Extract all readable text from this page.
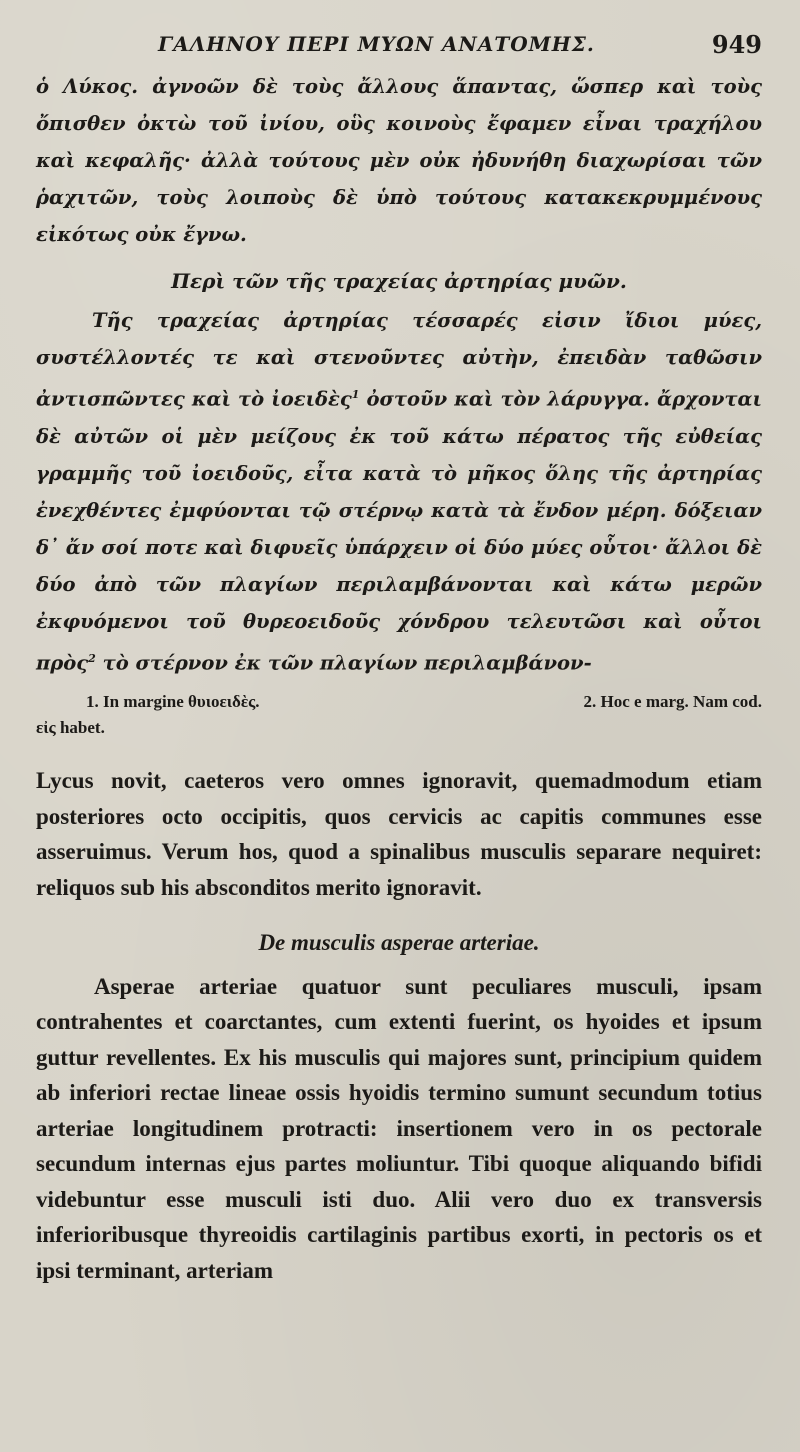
ΓΑΛΗΝΟΥ ΠΕΡΙ ΜΥΩΝ ΑΝΑΤΟΜΗΣ.	949

ὁ Λύκος. ἀγνοῶν δὲ τοὺς ἄλλους ἅπαντας, ὥσπερ καὶ τοὺς ὄπισθεν ὀκτὼ τοῦ ἰνίου, οὓς κοινοὺς ἔφαμεν εἶναι τραχήλου καὶ κεφαλῆς· ἀλλὰ τούτους μὲν οὐκ ἠδυνήθη διαχωρίσαι τῶν ῥαχιτῶν, τοὺς λοιποὺς δὲ ὑπὸ τούτους κατακεκρυμμένους εἰκότως οὐκ ἔγνω.

Περὶ τῶν τῆς τραχείας ἀρτηρίας μυῶν.

Τῆς τραχείας ἀρτηρίας τέσσαρές εἰσιν ἴδιοι μύες, συστέλλοντές τε καὶ στενοῦντες αὐτὴν, ἐπειδὰν ταθῶσιν ἀντισπῶντες καὶ τὸ ἰοειδὲς$^1$ ὀστοῦν καὶ τὸν λάρυγγα. ἄρχονται δὲ αὐτῶν οἱ μὲν μείζους ἐκ τοῦ κάτω πέρατος τῆς εὐθείας γραμμῆς τοῦ ἰοειδοῦς, εἶτα κατὰ τὸ μῆκος ὅλης τῆς ἀρτηρίας ἐνεχθέντες ἐμφύονται τῷ στέρνῳ κατὰ τὰ ἔνδον μέρη. δόξειαν δ᾽ ἄν σοί ποτε καὶ διφυεῖς ὑπάρχειν οἱ δύο μύες οὗτοι· ἄλλοι δὲ δύο ἀπὸ τῶν πλαγίων περιλαμβάνονται καὶ κάτω μερῶν ἐκφυόμενοι τοῦ θυρεοειδοῦς χόνδρου τελευτῶσι καὶ οὗτοι πρὸς$^2$ τὸ στέρνον ἐκ τῶν πλαγίων περιλαμβάνον-

1. In margine θυιοειδὲς.	2. Hoc e marg. Nam cod.
εἰς habet.

Lycus novit, caeteros vero omnes ignoravit, quemadmodum etiam posteriores octo occipitis, quos cervicis ac capitis communes esse asseruimus. Verum hos, quod a spinalibus musculis separare nequiret: reliquos sub his absconditos merito ignoravit.

De musculis asperae arteriae.

Asperae arteriae quatuor sunt peculiares musculi, ipsam contrahentes et coarctantes, cum extenti fuerint, os hyoides et ipsum guttur revellentes. Ex his musculis qui majores sunt, principium quidem ab inferiori rectae lineae ossis hyoidis termino sumunt secundum totius arteriae longitudinem protracti: insertionem vero in os pectorale secundum internas ejus partes moliuntur. Tibi quoque aliquando bifidi videbuntur esse musculi isti duo. Alii vero duo ex transversis inferioribusque thyreoidis cartilaginis partibus exorti, in pectoris os et ipsi terminant, arteriam
